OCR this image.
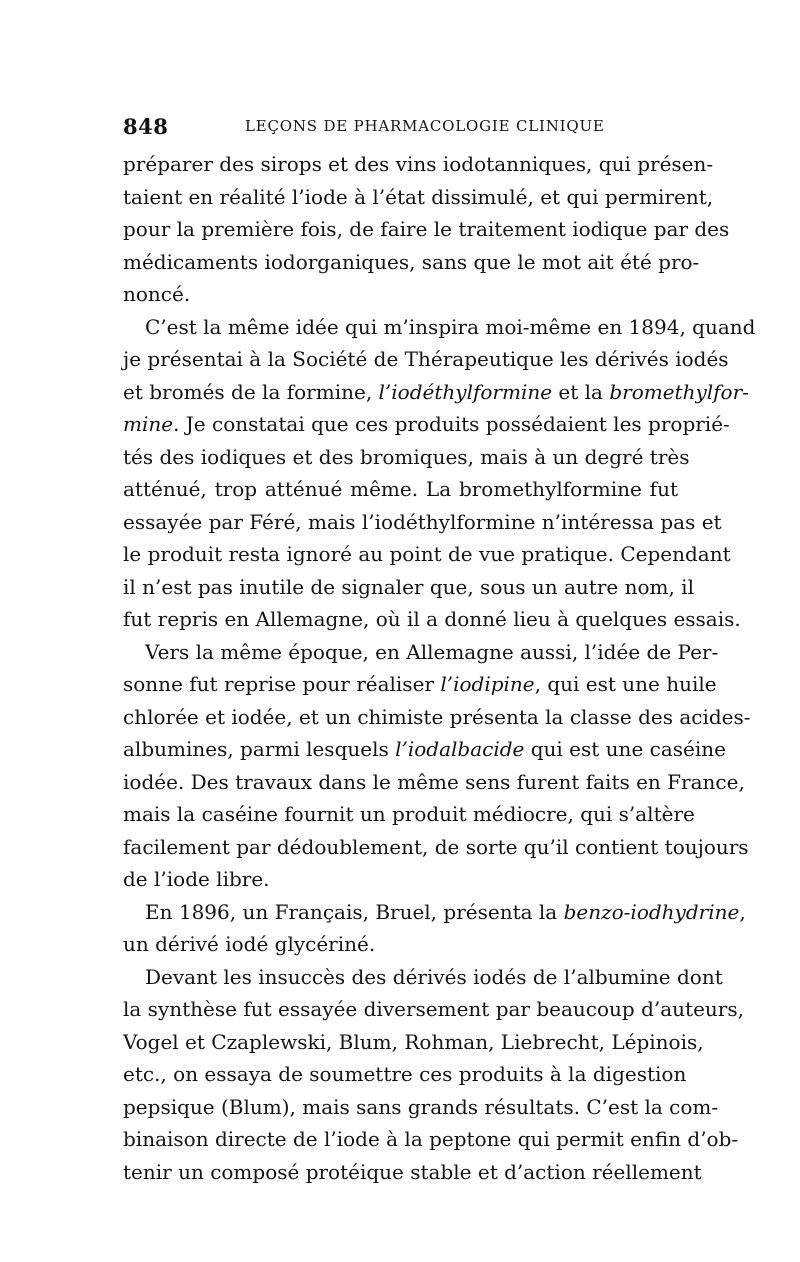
848	LEÇONS DE PHARMACOLOGIE CLINIQUE
préparer des sirops et des vins iodotanniques, qui présen-
taient en réalité l’iode à l’état dissimulé, et qui permirent,
pour la première fois, de faire le traitement iodique par des
médicaments iodorganiques, sans que le mot ait été pro-
noncé.
C’est la même idée qui m’inspira moi-même en 1894, quand
je présentai à la Société de Thérapeutique les dérivés iodés
et bromés de la formine, l’iodéthylformine et la bromethylfor-
mine. Je constatai que ces produits possédaient les proprié-
tés des iodiques et des bromiques, mais à un degré très
atténué, trop atténué même. La bromethylformine fut
essayée par Féré, mais l’iodéthylformine n’intéressa pas et
le produit resta ignoré au point de vue pratique. Cependant
il n’est pas inutile de signaler que, sous un autre nom, il
fut repris en Allemagne, où il a donné lieu à quelques essais.
Vers la même époque, en Allemagne aussi, l’idée de Per-
sonne fut reprise pour réaliser l’iodipine, qui est une huile
chlorée et iodée, et un chimiste présenta la classe des acides-
albumines, parmi lesquels l’iodalbacide qui est une caséine
iodée. Des travaux dans le même sens furent faits en France,
mais la caséine fournit un produit médiocre, qui s’altère
facilement par dédoublement, de sorte qu’il contient toujours
de l’iode libre.
En 1896, un Français, Bruel, présenta la benzo-iodhydrine,
un dérivé iodé glycériné.
Devant les insuccès des dérivés iodés de l’albumine dont
la synthèse fut essayée diversement par beaucoup d’auteurs,
Vogel et Czaplewski, Blum, Rohman, Liebrecht, Lépinois,
etc., on essaya de soumettre ces produits à la digestion
pepsique (Blum), mais sans grands résultats. C’est la com-
binaison directe de l’iode à la peptone qui permit enfin d’ob-
tenir un composé protéique stable et d’action réellement
